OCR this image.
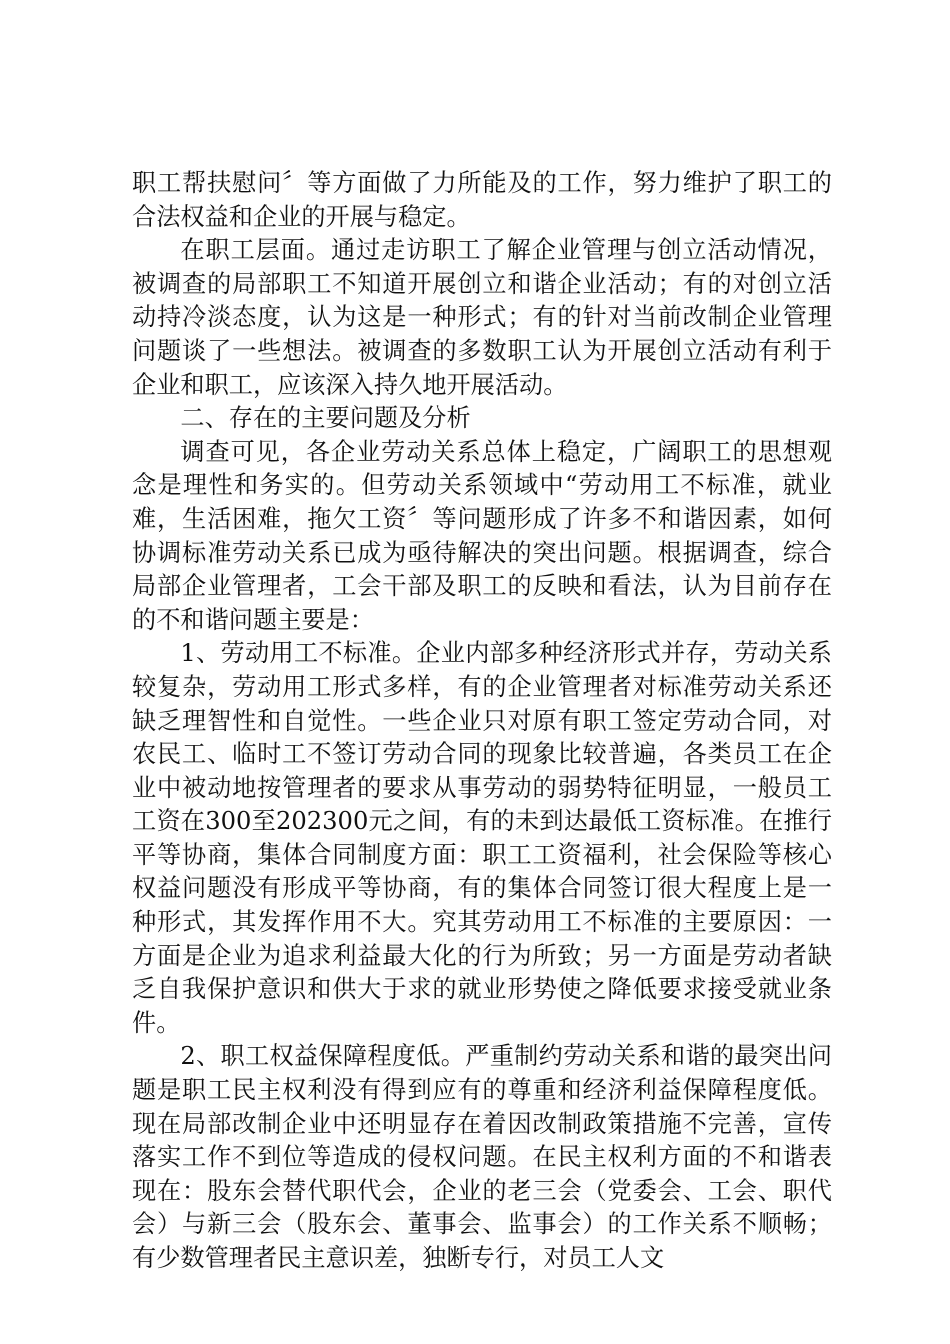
职工帮扶慰问〞等方面做了力所能及的工作，努力维护了职工的合法权益和企业的开展与稳定。

在职工层面。通过走访职工了解企业管理与创立活动情况，被调查的局部职工不知道开展创立和谐企业活动；有的对创立活动持冷淡态度，认为这是一种形式；有的针对当前改制企业管理问题谈了一些想法。被调查的多数职工认为开展创立活动有利于企业和职工，应该深入持久地开展活动。

二、存在的主要问题及分析

调查可见，各企业劳动关系总体上稳定，广阔职工的思想观念是理性和务实的。但劳动关系领域中“劳动用工不标准，就业难，生活困难，拖欠工资〞等问题形成了许多不和谐因素，如何协调标准劳动关系已成为亟待解决的突出问题。根据调查，综合局部企业管理者，工会干部及职工的反映和看法，认为目前存在的不和谐问题主要是：

1、劳动用工不标准。企业内部多种经济形式并存，劳动关系较复杂，劳动用工形式多样，有的企业管理者对标准劳动关系还缺乏理智性和自觉性。一些企业只对原有职工签定劳动合同，对农民工、临时工不签订劳动合同的现象比较普遍，各类员工在企业中被动地按管理者的要求从事劳动的弱势特征明显，一般员工工资在300至202300元之间，有的未到达最低工资标准。在推行平等协商，集体合同制度方面：职工工资福利，社会保险等核心权益问题没有形成平等协商，有的集体合同签订很大程度上是一种形式，其发挥作用不大。究其劳动用工不标准的主要原因：一方面是企业为追求利益最大化的行为所致；另一方面是劳动者缺乏自我保护意识和供大于求的就业形势使之降低要求接受就业条件。

2、职工权益保障程度低。严重制约劳动关系和谐的最突出问题是职工民主权利没有得到应有的尊重和经济利益保障程度低。现在局部改制企业中还明显存在着因改制政策措施不完善，宣传落实工作不到位等造成的侵权问题。在民主权利方面的不和谐表现在：股东会替代职代会，企业的老三会（党委会、工会、职代会）与新三会（股东会、董事会、监事会）的工作关系不顺畅；有少数管理者民主意识差，独断专行，对员工人文
